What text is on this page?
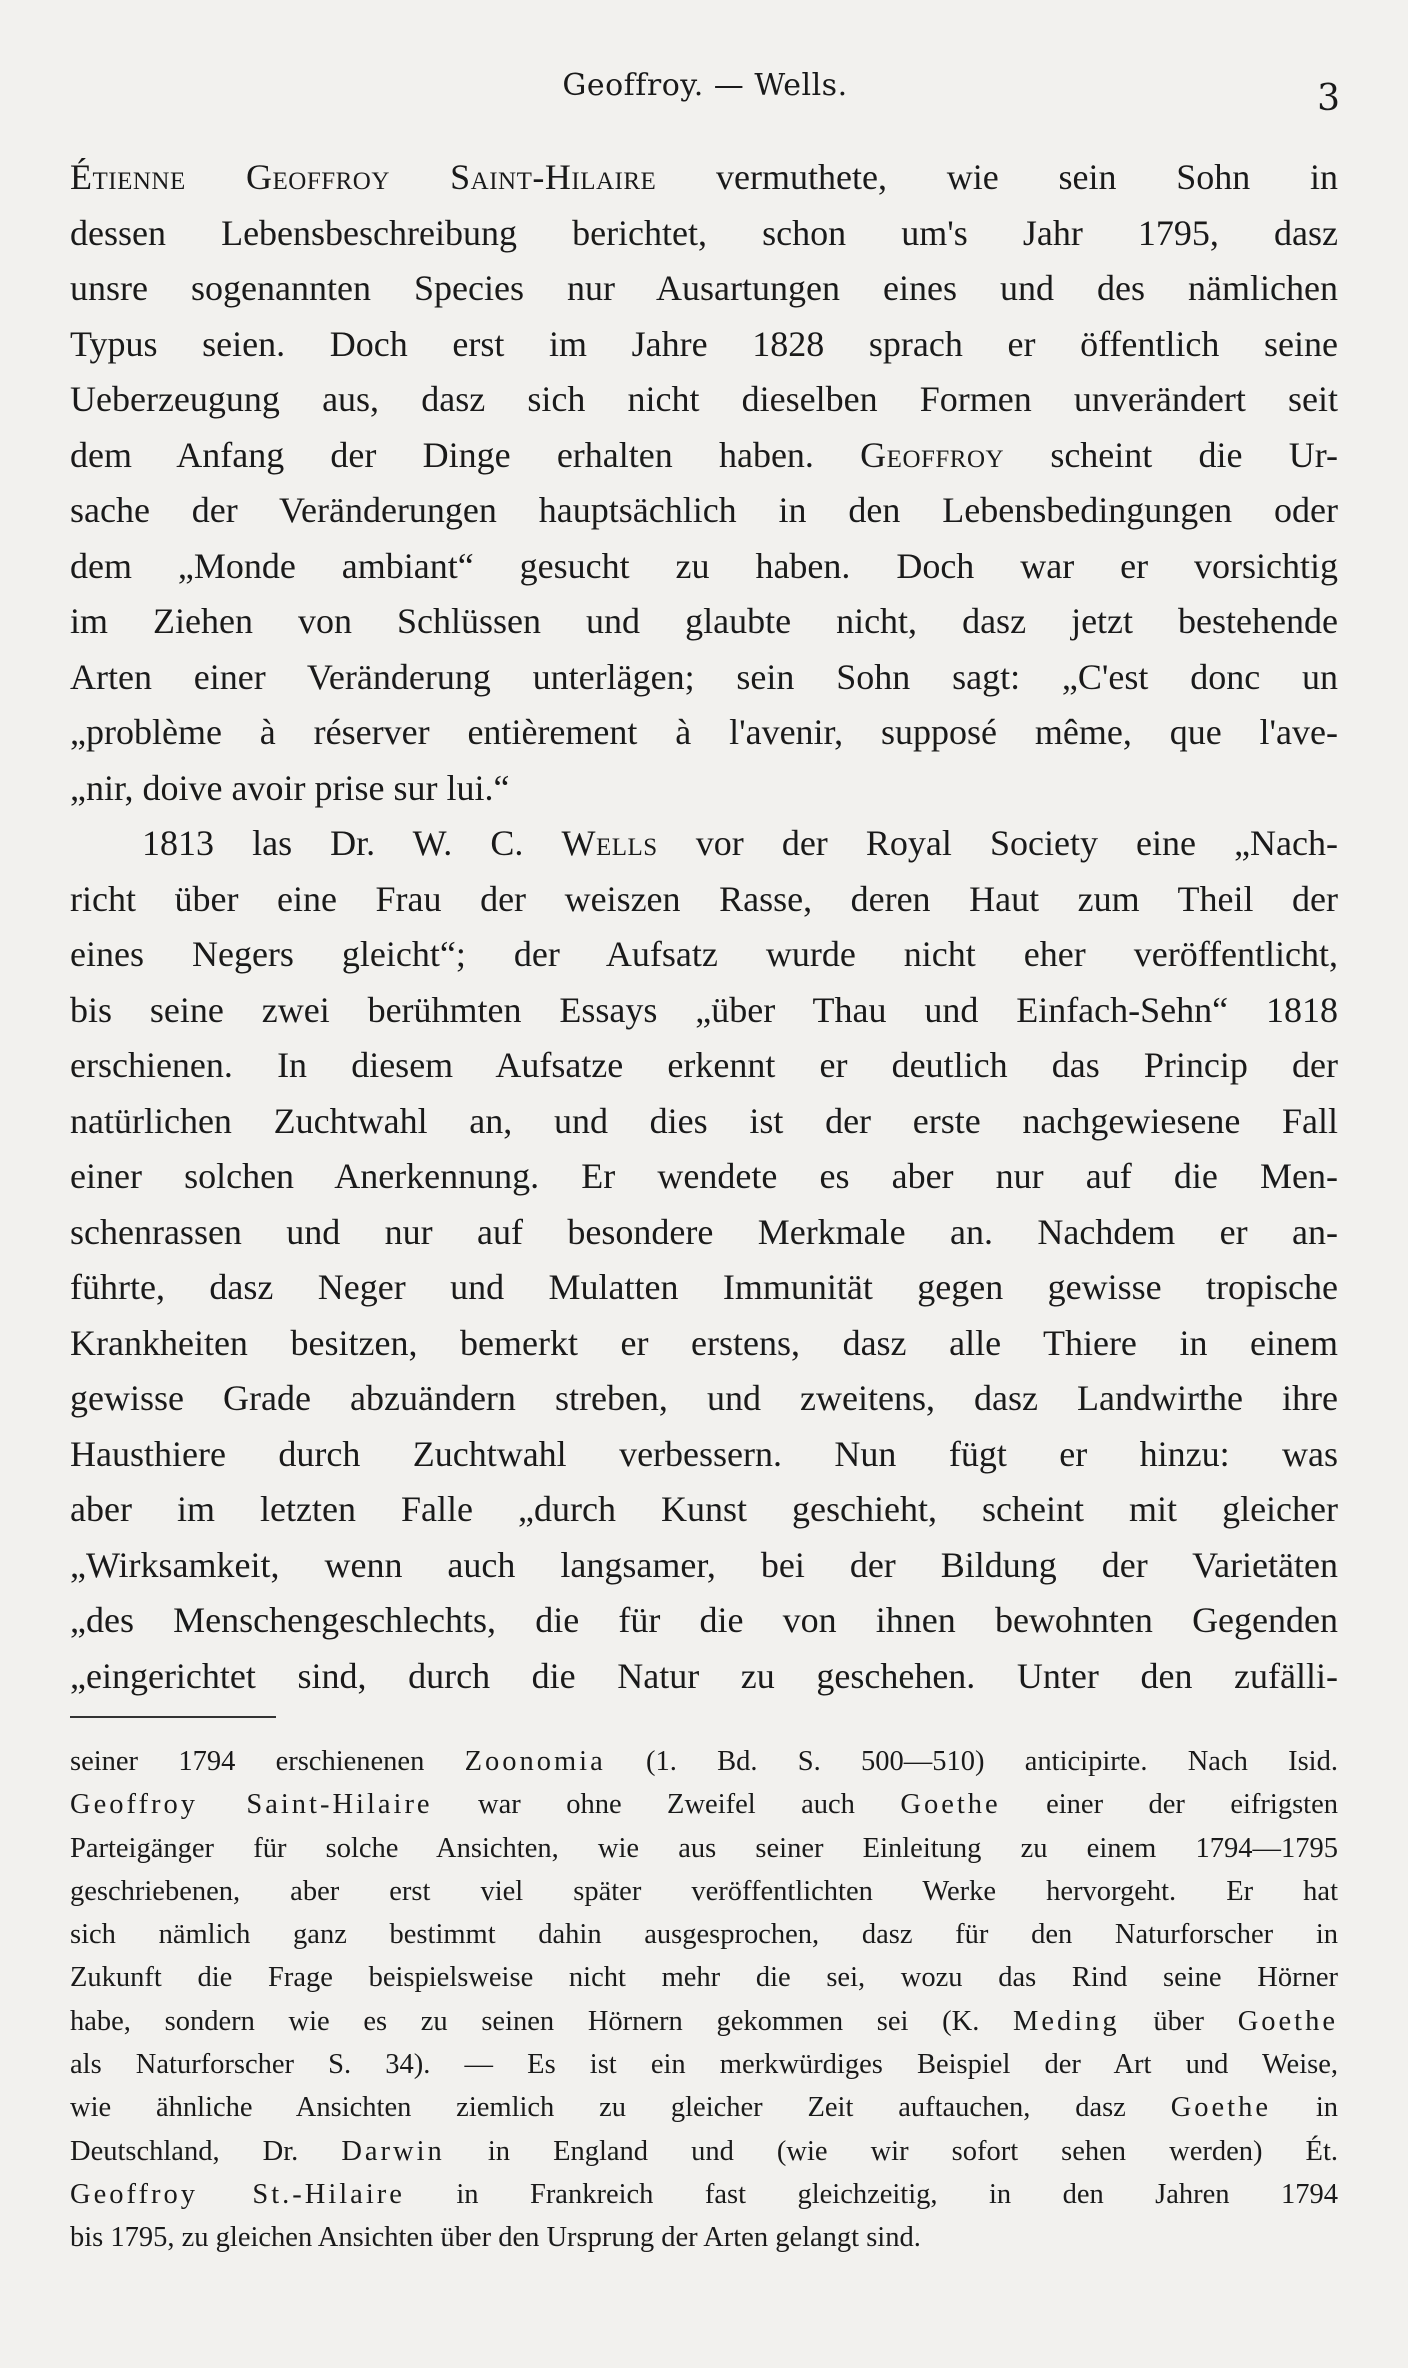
Geoffroy. — Wells.	3
Étienne Geoffroy Saint-Hilaire vermuthete, wie sein Sohn in
dessen Lebensbeschreibung berichtet, schon um's Jahr 1795, dasz
unsre sogenannten Species nur Ausartungen eines und des nämlichen
Typus seien. Doch erst im Jahre 1828 sprach er öffentlich seine
Ueberzeugung aus, dasz sich nicht dieselben Formen unverändert seit
dem Anfang der Dinge erhalten haben. Geoffroy scheint die Ur-
sache der Veränderungen hauptsächlich in den Lebensbedingungen oder
dem „Monde ambiant“ gesucht zu haben. Doch war er vorsichtig
im Ziehen von Schlüssen und glaubte nicht, dasz jetzt bestehende
Arten einer Veränderung unterlägen; sein Sohn sagt: „C'est donc un
„problème à réserver entièrement à l'avenir, supposé même, que l'ave-
„nir, doive avoir prise sur lui.“
1813 las Dr. W. C. Wells vor der Royal Society eine „Nach-
richt über eine Frau der weiszen Rasse, deren Haut zum Theil der
eines Negers gleicht“; der Aufsatz wurde nicht eher veröffentlicht,
bis seine zwei berühmten Essays „über Thau und Einfach-Sehn“ 1818
erschienen. In diesem Aufsatze erkennt er deutlich das Princip der
natürlichen Zuchtwahl an, und dies ist der erste nachgewiesene Fall
einer solchen Anerkennung. Er wendete es aber nur auf die Men-
schenrassen und nur auf besondere Merkmale an. Nachdem er an-
führte, dasz Neger und Mulatten Immunität gegen gewisse tropische
Krankheiten besitzen, bemerkt er erstens, dasz alle Thiere in einem
gewisse Grade abzuändern streben, und zweitens, dasz Landwirthe ihre
Hausthiere durch Zuchtwahl verbessern. Nun fügt er hinzu: was
aber im letzten Falle „durch Kunst geschieht, scheint mit gleicher
„Wirksamkeit, wenn auch langsamer, bei der Bildung der Varietäten
„des Menschengeschlechts, die für die von ihnen bewohnten Gegenden
„eingerichtet sind, durch die Natur zu geschehen. Unter den zufälli-
seiner 1794 erschienenen Zoonomia (1. Bd. S. 500—510) anticipirte. Nach Isid.
Geoffroy Saint-Hilaire war ohne Zweifel auch Goethe einer der eifrigsten
Parteigänger für solche Ansichten, wie aus seiner Einleitung zu einem 1794—1795
geschriebenen, aber erst viel später veröffentlichten Werke hervorgeht. Er hat
sich nämlich ganz bestimmt dahin ausgesprochen, dasz für den Naturforscher in
Zukunft die Frage beispielsweise nicht mehr die sei, wozu das Rind seine Hörner
habe, sondern wie es zu seinen Hörnern gekommen sei (K. Meding über Goethe
als Naturforscher S. 34). — Es ist ein merkwürdiges Beispiel der Art und Weise,
wie ähnliche Ansichten ziemlich zu gleicher Zeit auftauchen, dasz Goethe in
Deutschland, Dr. Darwin in England und (wie wir sofort sehen werden) Ét.
Geoffroy St.-Hilaire in Frankreich fast gleichzeitig, in den Jahren 1794
bis 1795, zu gleichen Ansichten über den Ursprung der Arten gelangt sind.
